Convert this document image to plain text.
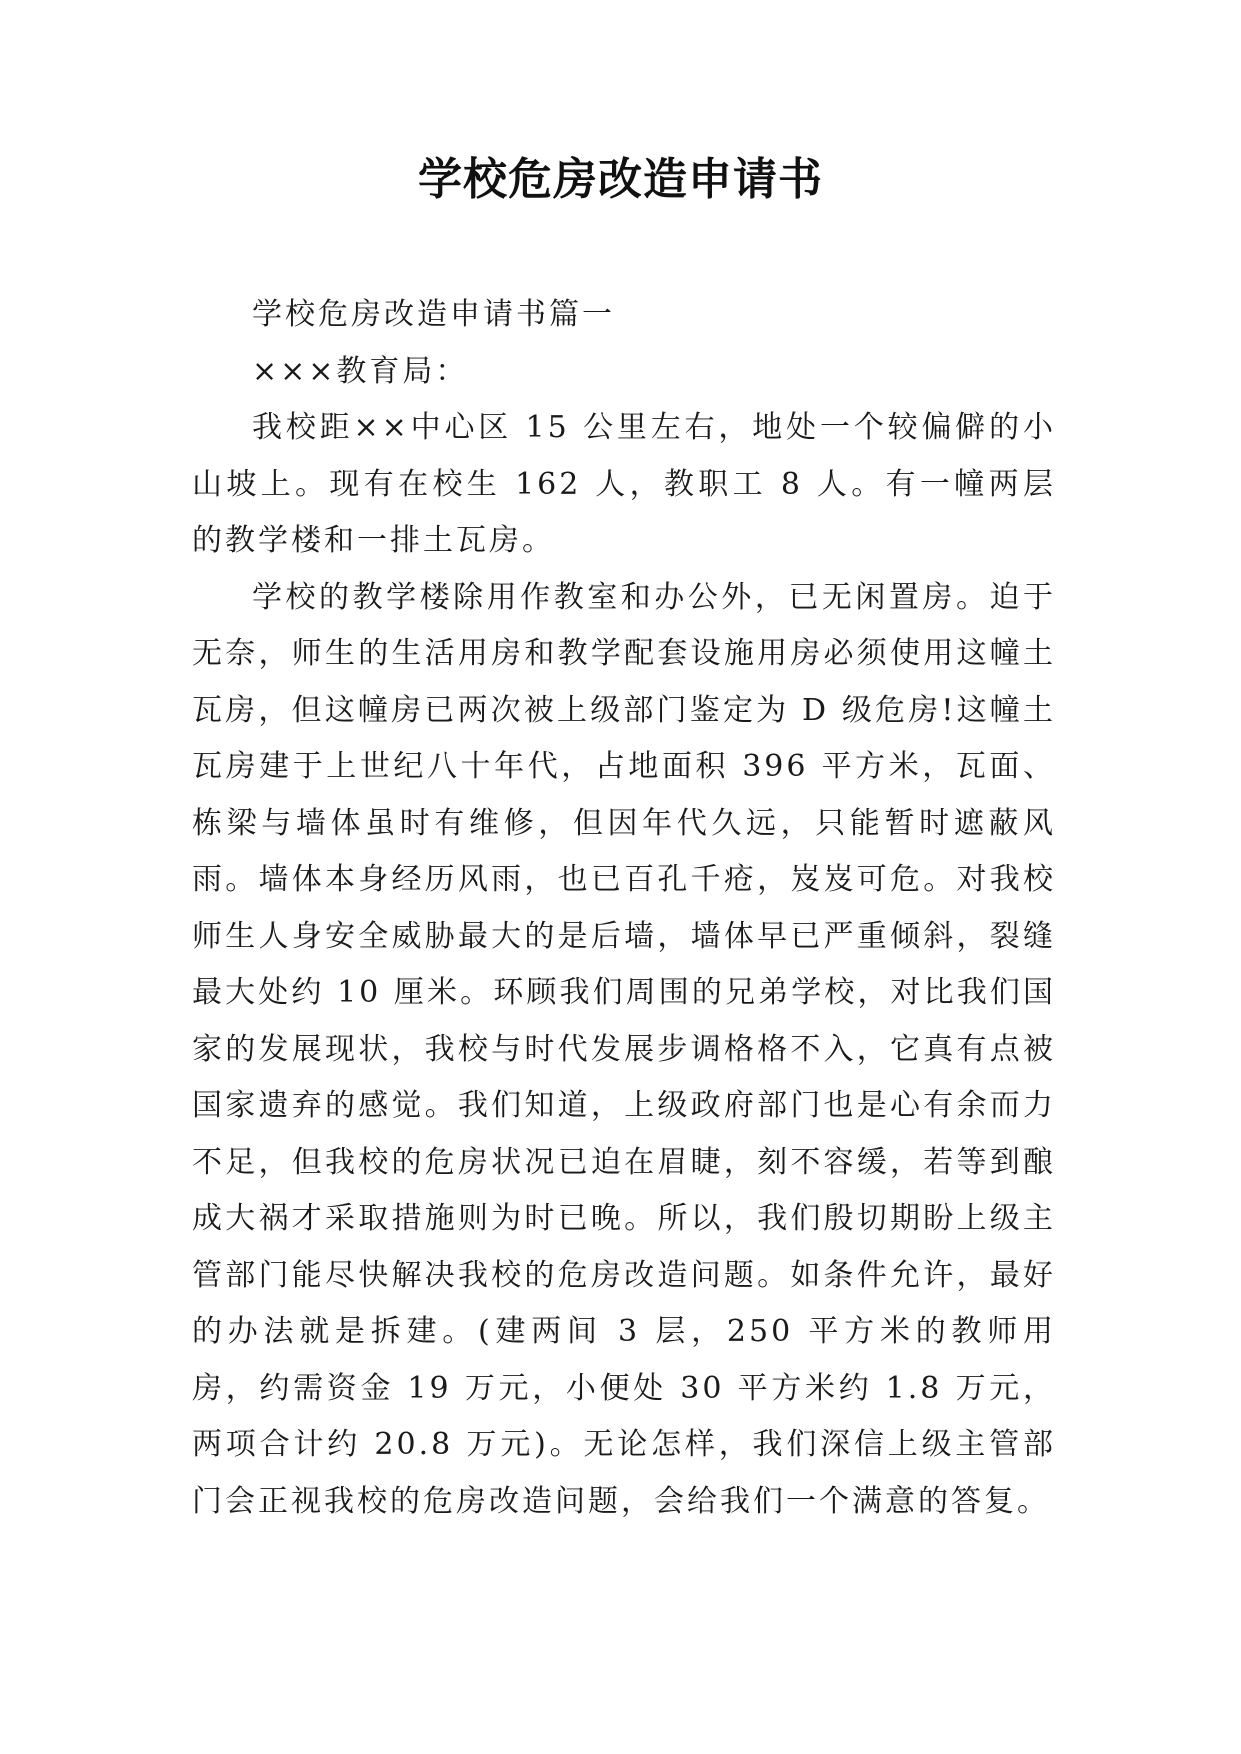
学校危房改造申请书

学校危房改造申请书篇一

×××教育局：

我校距××中心区 15 公里左右，地处一个较偏僻的小山坡上。现有在校生 162 人，教职工 8 人。有一幢两层的教学楼和一排土瓦房。

学校的教学楼除用作教室和办公外，已无闲置房。迫于无奈，师生的生活用房和教学配套设施用房必须使用这幢土瓦房，但这幢房已两次被上级部门鉴定为 D 级危房!这幢土瓦房建于上世纪八十年代，占地面积 396 平方米，瓦面、栋梁与墙体虽时有维修，但因年代久远，只能暂时遮蔽风雨。墙体本身经历风雨，也已百孔千疮，岌岌可危。对我校师生人身安全威胁最大的是后墙，墙体早已严重倾斜，裂缝最大处约 10 厘米。环顾我们周围的兄弟学校，对比我们国家的发展现状，我校与时代发展步调格格不入，它真有点被国家遗弃的感觉。我们知道，上级政府部门也是心有余而力不足，但我校的危房状况已迫在眉睫，刻不容缓，若等到酿成大祸才采取措施则为时已晚。所以，我们殷切期盼上级主管部门能尽快解决我校的危房改造问题。如条件允许，最好的办法就是拆建。(建两间 3 层，250 平方米的教师用房，约需资金 19 万元，小便处 30 平方米约 1.8 万元，两项合计约 20.8 万元)。无论怎样，我们深信上级主管部门会正视我校的危房改造问题，会给我们一个满意的答复。
